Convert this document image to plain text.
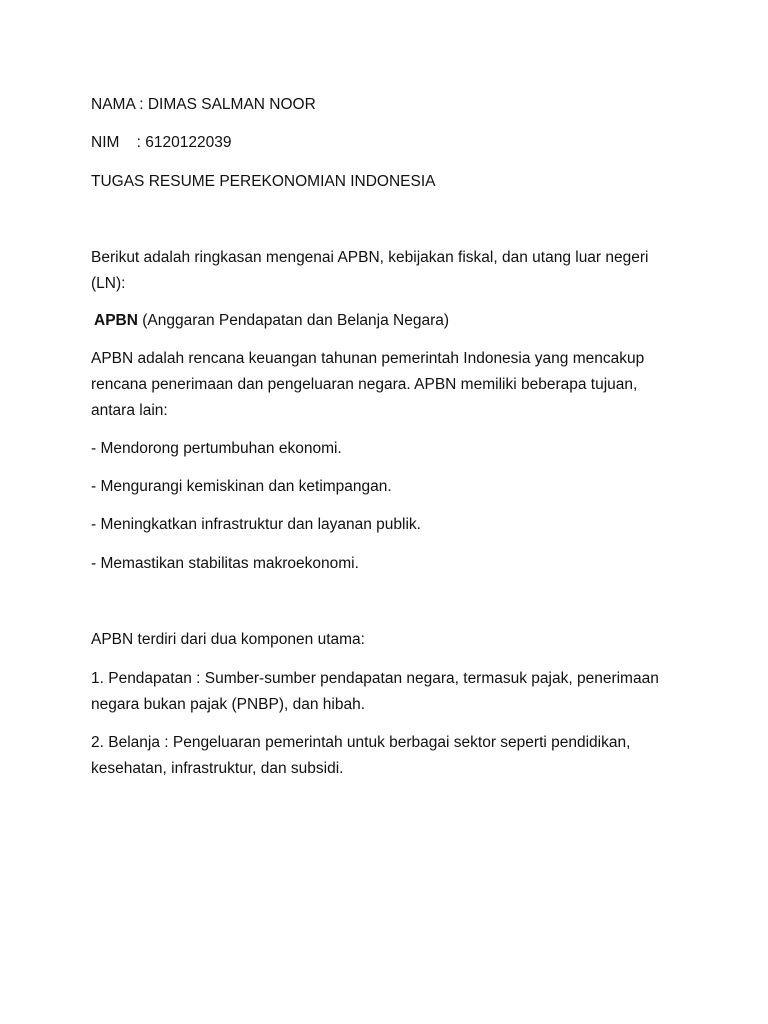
NAMA : DIMAS SALMAN NOOR

NIM    : 6120122039

TUGAS RESUME PEREKONOMIAN INDONESIA

Berikut adalah ringkasan mengenai APBN, kebijakan fiskal, dan utang luar negeri (LN):

APBN (Anggaran Pendapatan dan Belanja Negara)

APBN adalah rencana keuangan tahunan pemerintah Indonesia yang mencakup rencana penerimaan dan pengeluaran negara. APBN memiliki beberapa tujuan, antara lain:

- Mendorong pertumbuhan ekonomi.

- Mengurangi kemiskinan dan ketimpangan.

- Meningkatkan infrastruktur dan layanan publik.

- Memastikan stabilitas makroekonomi.

APBN terdiri dari dua komponen utama:

1. Pendapatan : Sumber-sumber pendapatan negara, termasuk pajak, penerimaan negara bukan pajak (PNBP), dan hibah.

2. Belanja : Pengeluaran pemerintah untuk berbagai sektor seperti pendidikan, kesehatan, infrastruktur, dan subsidi.
